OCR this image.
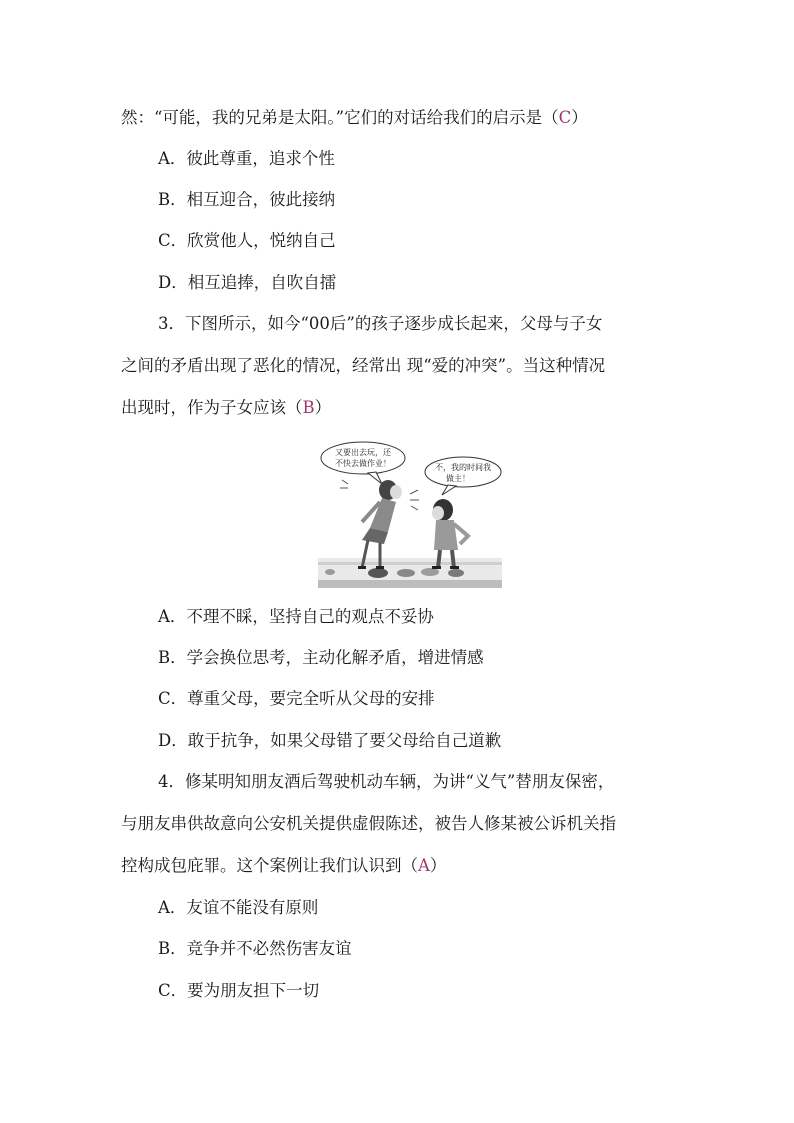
然：“可能，我的兄弟是太阳。”它们的对话给我们的启示是（C）
A．彼此尊重，追求个性
B．相互迎合，彼此接纳
C．欣赏他人，悦纳自己
D．相互追捧，自吹自擂
3．下图所示，如今“00后”的孩子逐步成长起来，父母与子女
之间的矛盾出现了恶化的情况，经常出 现“爱的冲突”。当这种情况
出现时，作为子女应该（B）
又要出去玩，还
不快去做作业！	不，我的时间我
做主！
A．不理不睬，坚持自己的观点不妥协
B．学会换位思考，主动化解矛盾，增进情感
C．尊重父母，要完全听从父母的安排
D．敢于抗争，如果父母错了要父母给自己道歉
4．修某明知朋友酒后驾驶机动车辆，为讲“义气”替朋友保密，
与朋友串供故意向公安机关提供虚假陈述，被告人修某被公诉机关指
控构成包庇罪。这个案例让我们认识到（A）
A．友谊不能没有原则
B．竞争并不必然伤害友谊
C．要为朋友担下一切
